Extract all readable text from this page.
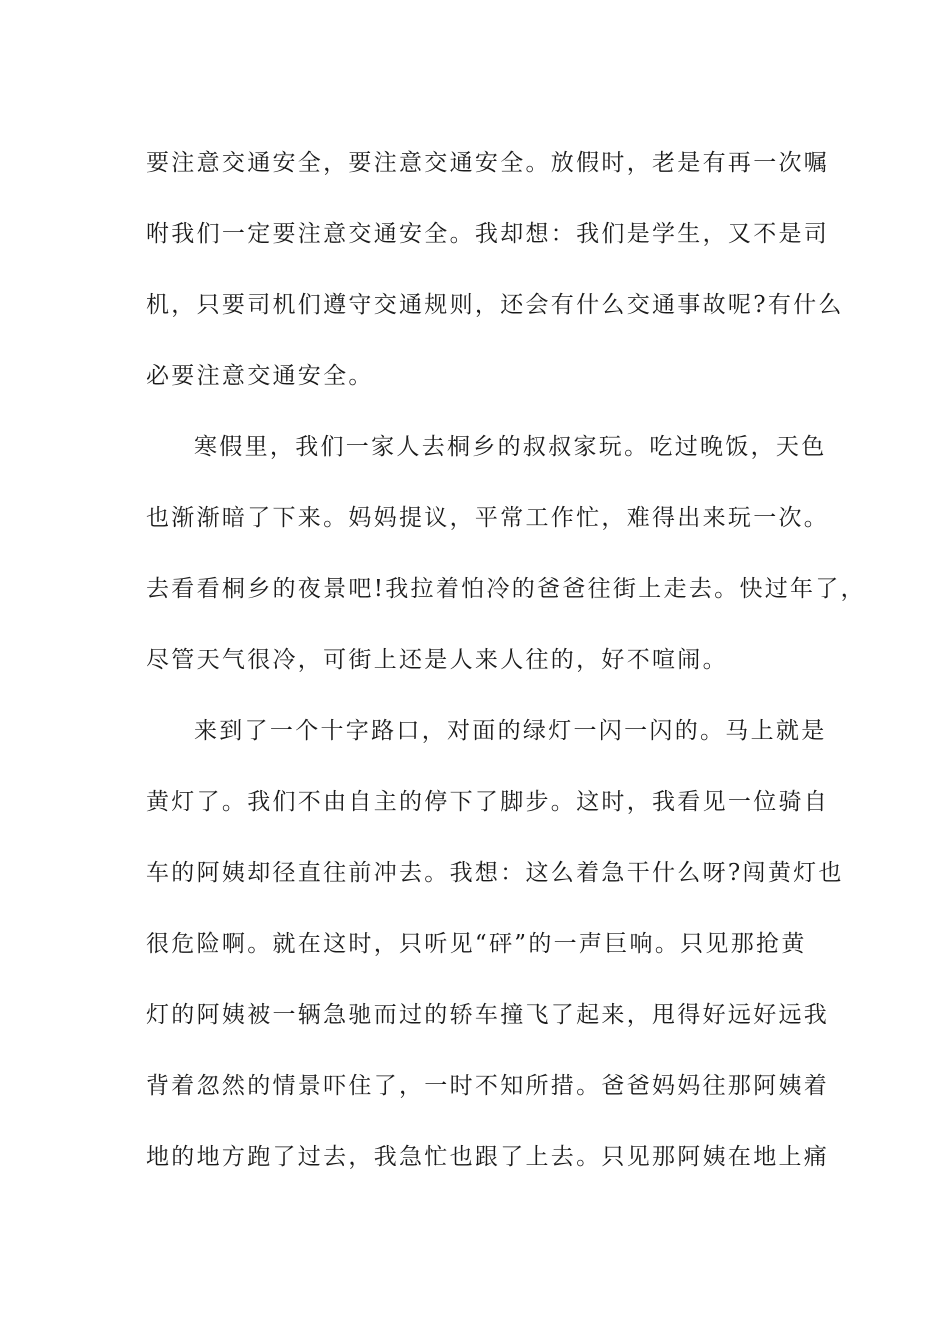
要注意交通安全，要注意交通安全。放假时，老是有再一次嘱
咐我们一定要注意交通安全。我却想：我们是学生，又不是司
机，只要司机们遵守交通规则，还会有什么交通事故呢?有什么
必要注意交通安全。
寒假里，我们一家人去桐乡的叔叔家玩。吃过晚饭，天色
也渐渐暗了下来。妈妈提议，平常工作忙，难得出来玩一次。
去看看桐乡的夜景吧!我拉着怕冷的爸爸往街上走去。快过年了，
尽管天气很冷，可街上还是人来人往的，好不喧闹。
来到了一个十字路口，对面的绿灯一闪一闪的。马上就是
黄灯了。我们不由自主的停下了脚步。这时，我看见一位骑自
车的阿姨却径直往前冲去。我想：这么着急干什么呀?闯黄灯也
很危险啊。就在这时，只听见“砰”的一声巨响。只见那抢黄
灯的阿姨被一辆急驰而过的轿车撞飞了起来，甩得好远好远我
背着忽然的情景吓住了，一时不知所措。爸爸妈妈往那阿姨着
地的地方跑了过去，我急忙也跟了上去。只见那阿姨在地上痛
